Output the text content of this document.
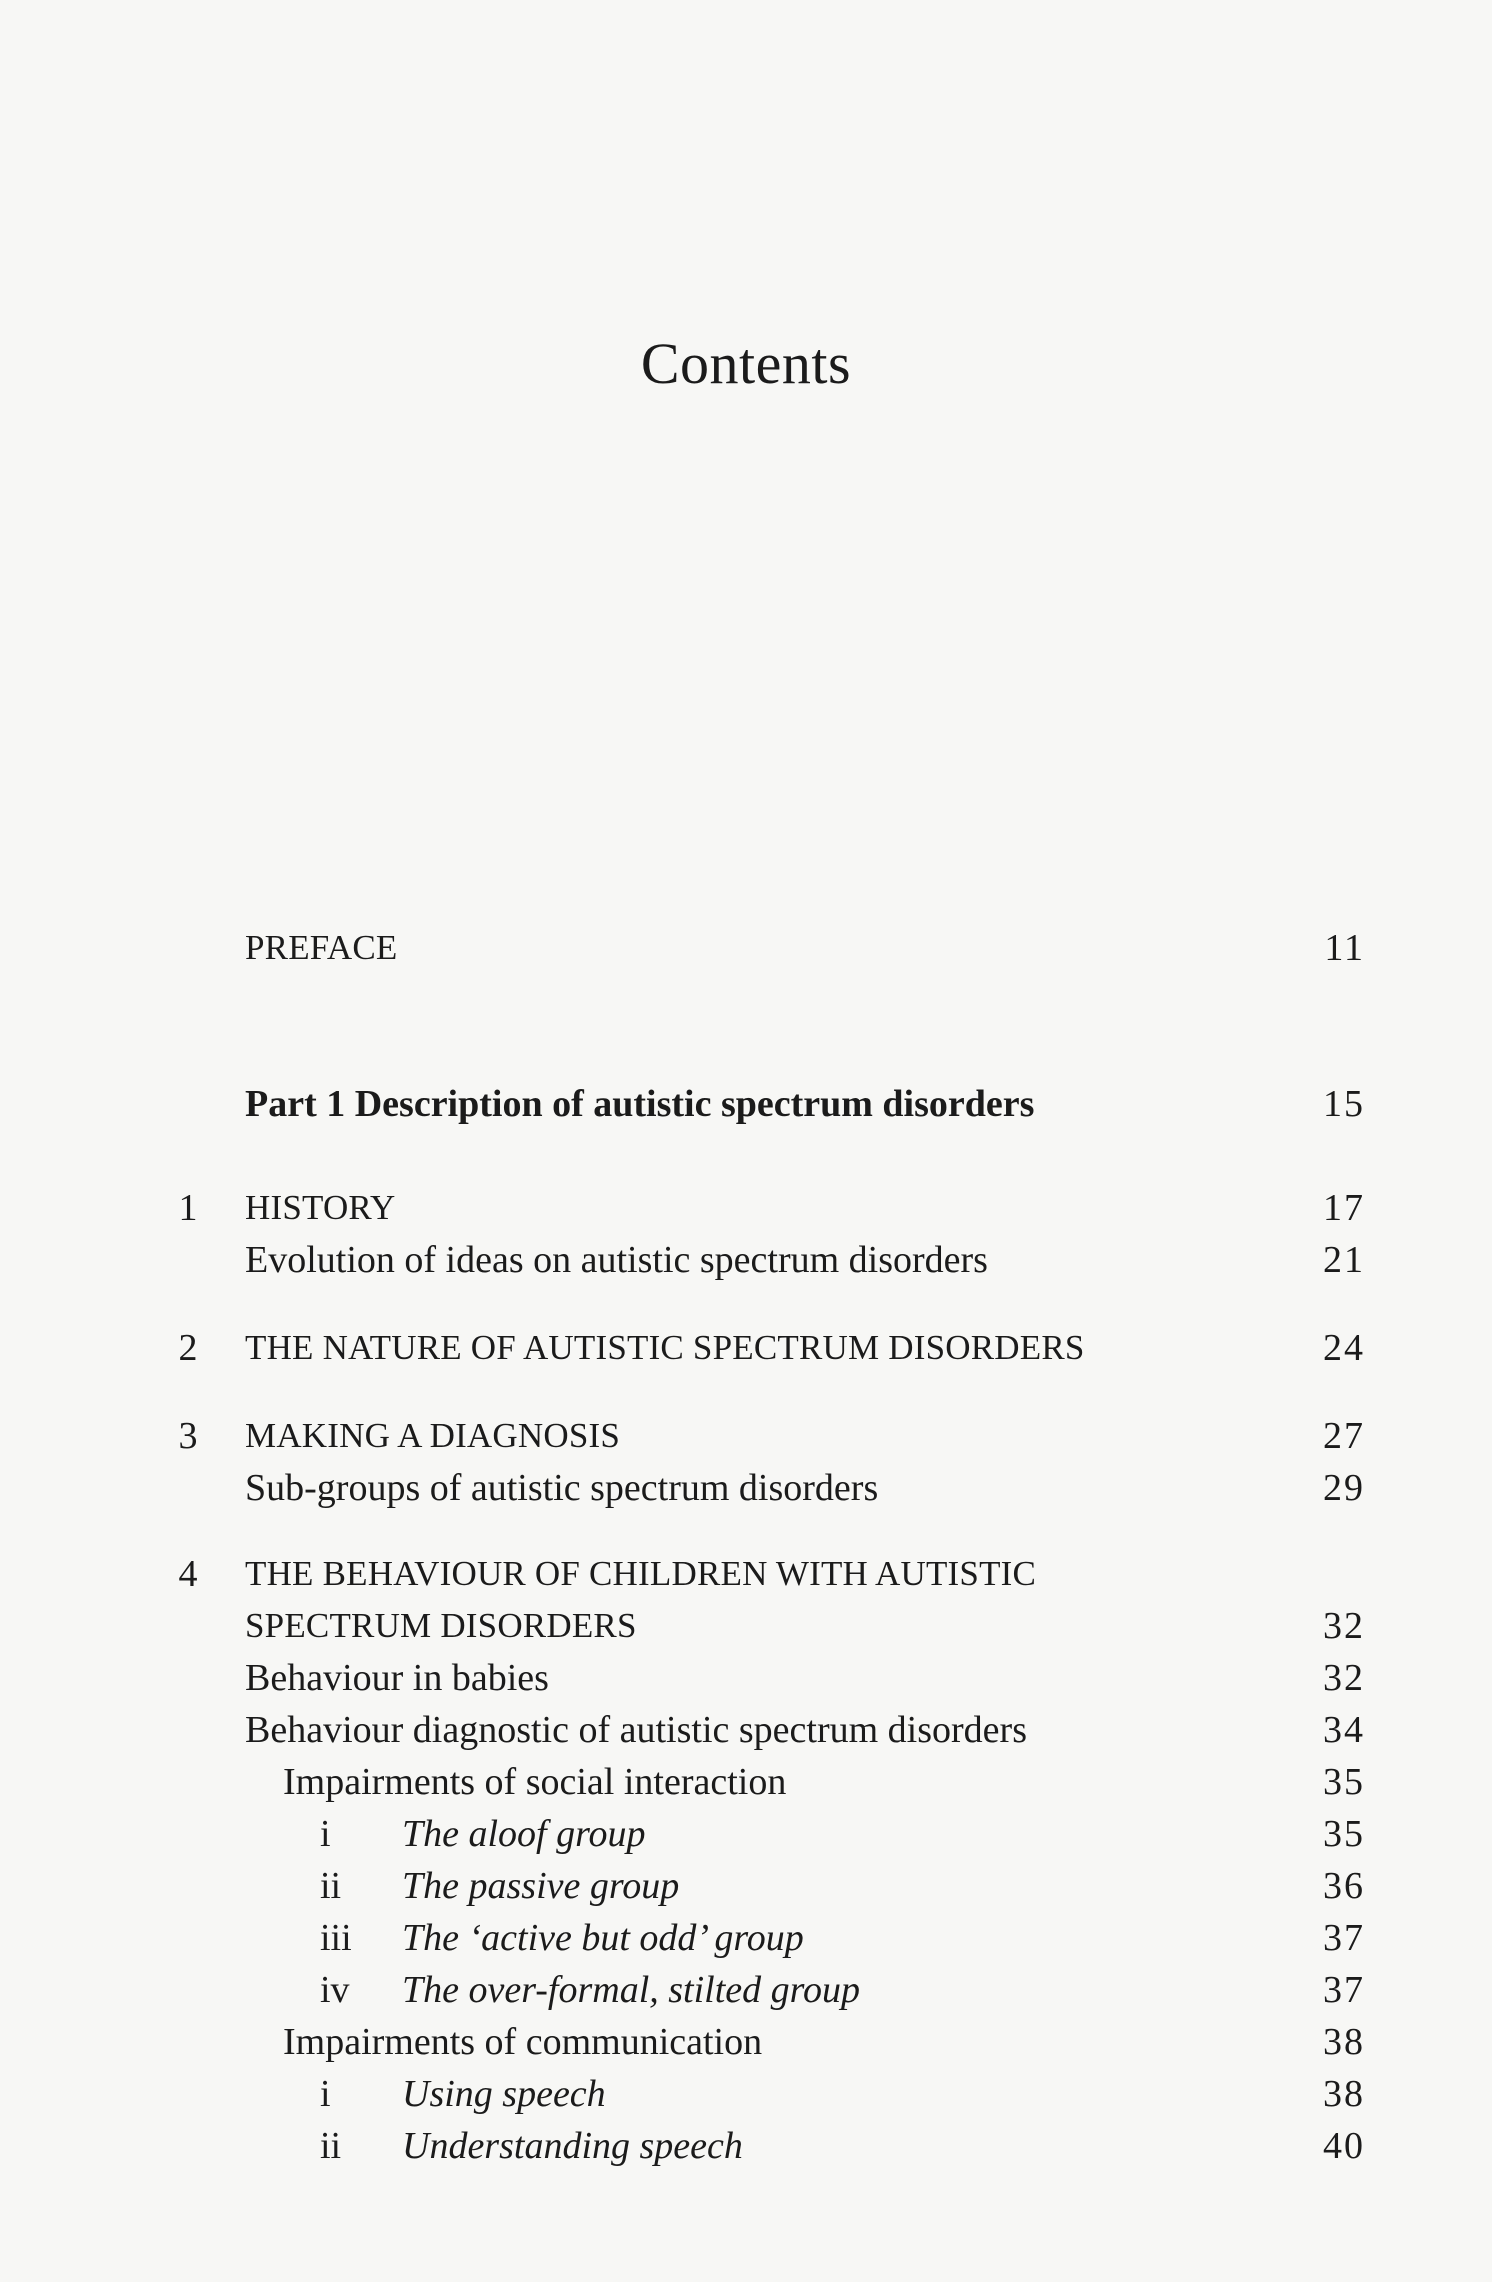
Contents
PREFACE	11
Part 1 Description of autistic spectrum disorders	15
1	HISTORY	17
Evolution of ideas on autistic spectrum disorders	21
2	THE NATURE OF AUTISTIC SPECTRUM DISORDERS	24
3	MAKING A DIAGNOSIS	27
Sub-groups of autistic spectrum disorders	29
4	THE BEHAVIOUR OF CHILDREN WITH AUTISTIC
SPECTRUM DISORDERS	32
Behaviour in babies	32
Behaviour diagnostic of autistic spectrum disorders	34
Impairments of social interaction	35
i The aloof group	35
ii The passive group	36
iii The ‘active but odd’ group	37
iv The over-formal, stilted group	37
Impairments of communication	38
i Using speech	38
ii Understanding speech	40
